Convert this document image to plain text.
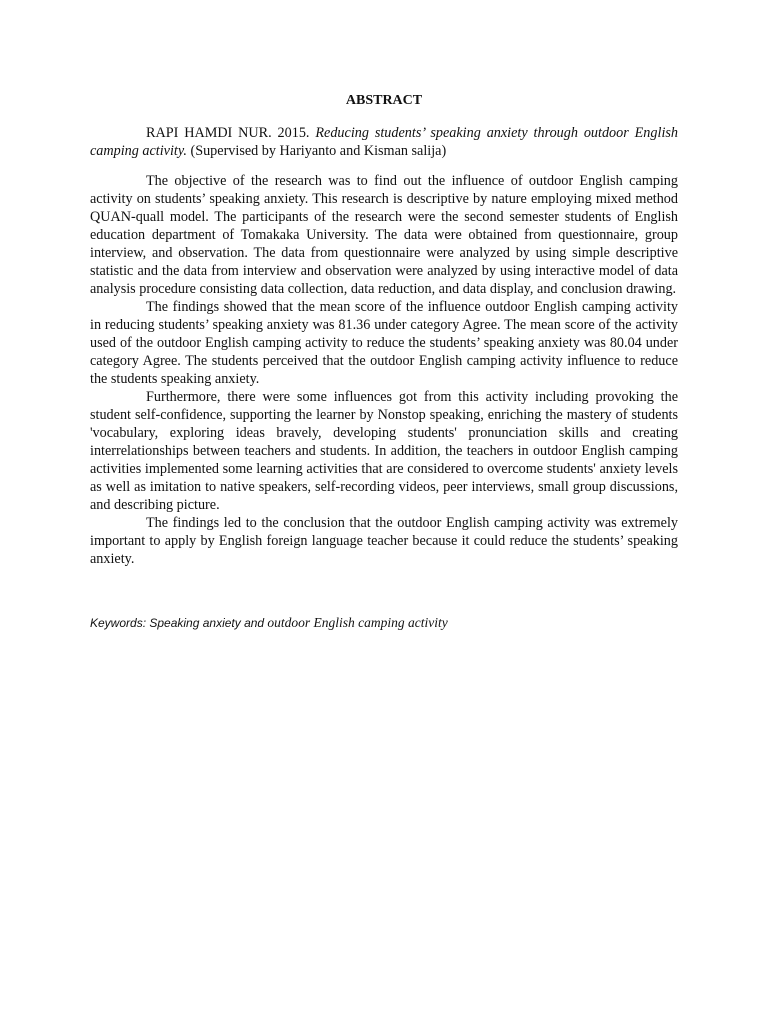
ABSTRACT
RAPI HAMDI NUR. 2015. Reducing students’ speaking anxiety through outdoor English camping activity. (Supervised by Hariyanto and Kisman salija)

The objective of the research was to find out the influence of outdoor English camping activity on students’ speaking anxiety. This research is descriptive by nature employing mixed method QUAN-quall model. The participants of the research were the second semester students of English education department of Tomakaka University. The data were obtained from questionnaire, group interview, and observation. The data from questionnaire were analyzed by using simple descriptive statistic and the data from interview and observation were analyzed by using interactive model of data analysis procedure consisting data collection, data reduction, and data display, and conclusion drawing.

The findings showed that the mean score of the influence outdoor English camping activity in reducing students’ speaking anxiety was 81.36 under category Agree. The mean score of the activity used of the outdoor English camping activity to reduce the students’ speaking anxiety was 80.04 under category Agree. The students perceived that the outdoor English camping activity influence to reduce the students speaking anxiety.

Furthermore, there were some influences got from this activity including provoking the student self-confidence, supporting the learner by Nonstop speaking, enriching the mastery of students 'vocabulary, exploring ideas bravely, developing students' pronunciation skills and creating interrelationships between teachers and students. In addition, the teachers in outdoor English camping activities implemented some learning activities that are considered to overcome students' anxiety levels as well as imitation to native speakers, self-recording videos, peer interviews, small group discussions, and describing picture.

The findings led to the conclusion that the outdoor English camping activity was extremely important to apply by English foreign language teacher because it could reduce the students’ speaking anxiety.

Keywords: Speaking anxiety and outdoor English camping activity
